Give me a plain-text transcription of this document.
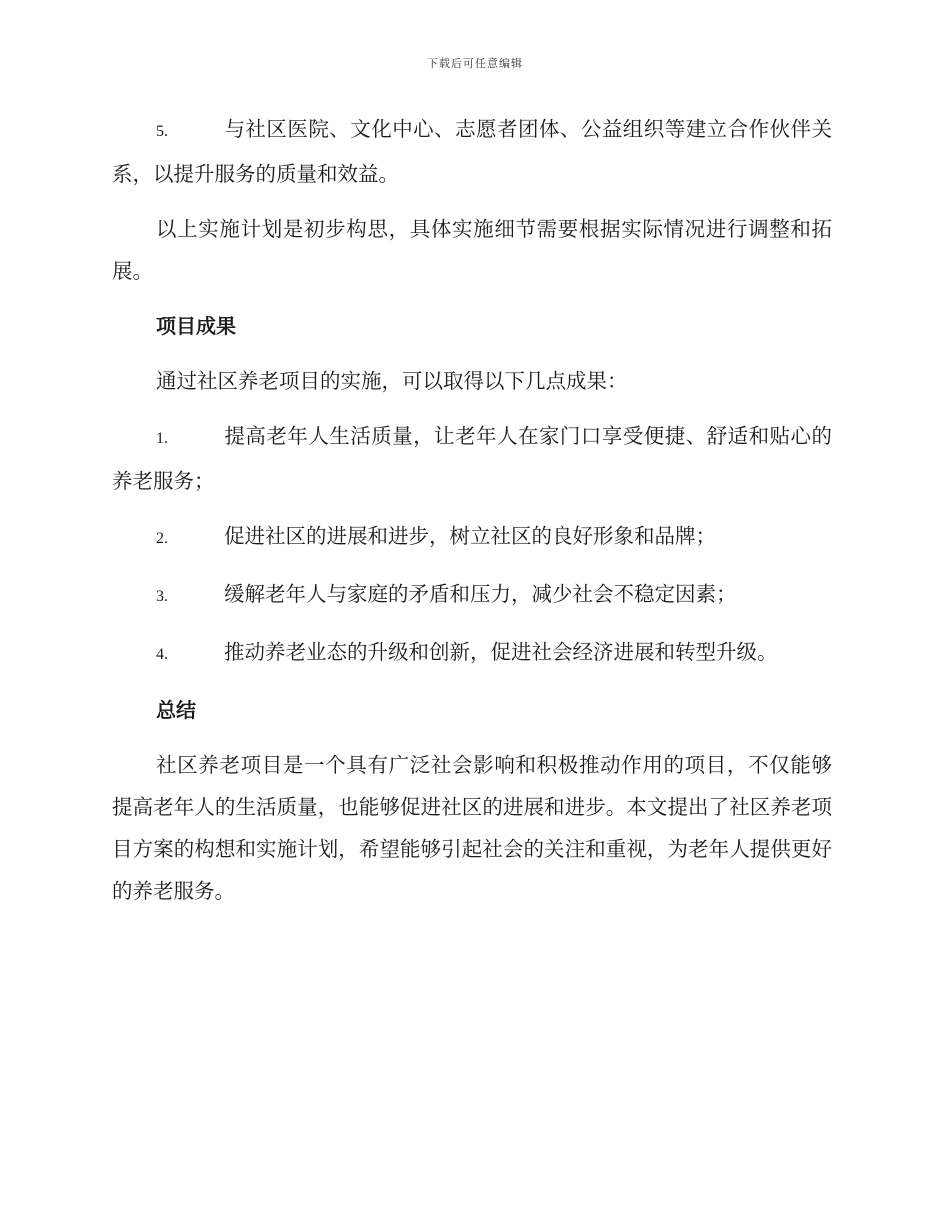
下载后可任意编辑

5.	与社区医院、文化中心、志愿者团体、公益组织等建立合作伙伴关系，以提升服务的质量和效益。

以上实施计划是初步构思，具体实施细节需要根据实际情况进行调整和拓展。

项目成果

通过社区养老项目的实施，可以取得以下几点成果：

1.	提高老年人生活质量，让老年人在家门口享受便捷、舒适和贴心的养老服务；

2.	促进社区的进展和进步，树立社区的良好形象和品牌；

3.	缓解老年人与家庭的矛盾和压力，减少社会不稳定因素；

4.	推动养老业态的升级和创新，促进社会经济进展和转型升级。

总结

社区养老项目是一个具有广泛社会影响和积极推动作用的项目，不仅能够提高老年人的生活质量，也能够促进社区的进展和进步。本文提出了社区养老项目方案的构想和实施计划，希望能够引起社会的关注和重视，为老年人提供更好的养老服务。
